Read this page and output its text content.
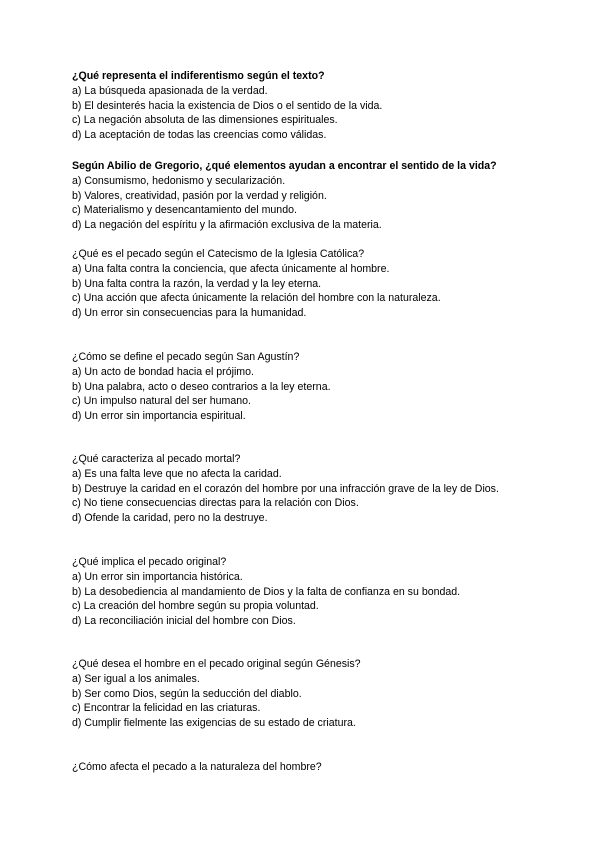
¿Qué representa el indiferentismo según el texto?
a) La búsqueda apasionada de la verdad.
b) El desinterés hacia la existencia de Dios o el sentido de la vida.
c) La negación absoluta de las dimensiones espirituales.
d) La aceptación de todas las creencias como válidas.
Según Abilio de Gregorio, ¿qué elementos ayudan a encontrar el sentido de la vida?
a) Consumismo, hedonismo y secularización.
b) Valores, creatividad, pasión por la verdad y religión.
c) Materialismo y desencantamiento del mundo.
d) La negación del espíritu y la afirmación exclusiva de la materia.
¿Qué es el pecado según el Catecismo de la Iglesia Católica?
a) Una falta contra la conciencia, que afecta únicamente al hombre.
b) Una falta contra la razón, la verdad y la ley eterna.
c) Una acción que afecta únicamente la relación del hombre con la naturaleza.
d) Un error sin consecuencias para la humanidad.
¿Cómo se define el pecado según San Agustín?
a) Un acto de bondad hacia el prójimo.
b) Una palabra, acto o deseo contrarios a la ley eterna.
c) Un impulso natural del ser humano.
d) Un error sin importancia espiritual.
¿Qué caracteriza al pecado mortal?
a) Es una falta leve que no afecta la caridad.
b) Destruye la caridad en el corazón del hombre por una infracción grave de la ley de Dios.
c) No tiene consecuencias directas para la relación con Dios.
d) Ofende la caridad, pero no la destruye.
¿Qué implica el pecado original?
a) Un error sin importancia histórica.
b) La desobediencia al mandamiento de Dios y la falta de confianza en su bondad.
c) La creación del hombre según su propia voluntad.
d) La reconciliación inicial del hombre con Dios.
¿Qué desea el hombre en el pecado original según Génesis?
a) Ser igual a los animales.
b) Ser como Dios, según la seducción del diablo.
c) Encontrar la felicidad en las criaturas.
d) Cumplir fielmente las exigencias de su estado de criatura.
¿Cómo afecta el pecado a la naturaleza del hombre?
